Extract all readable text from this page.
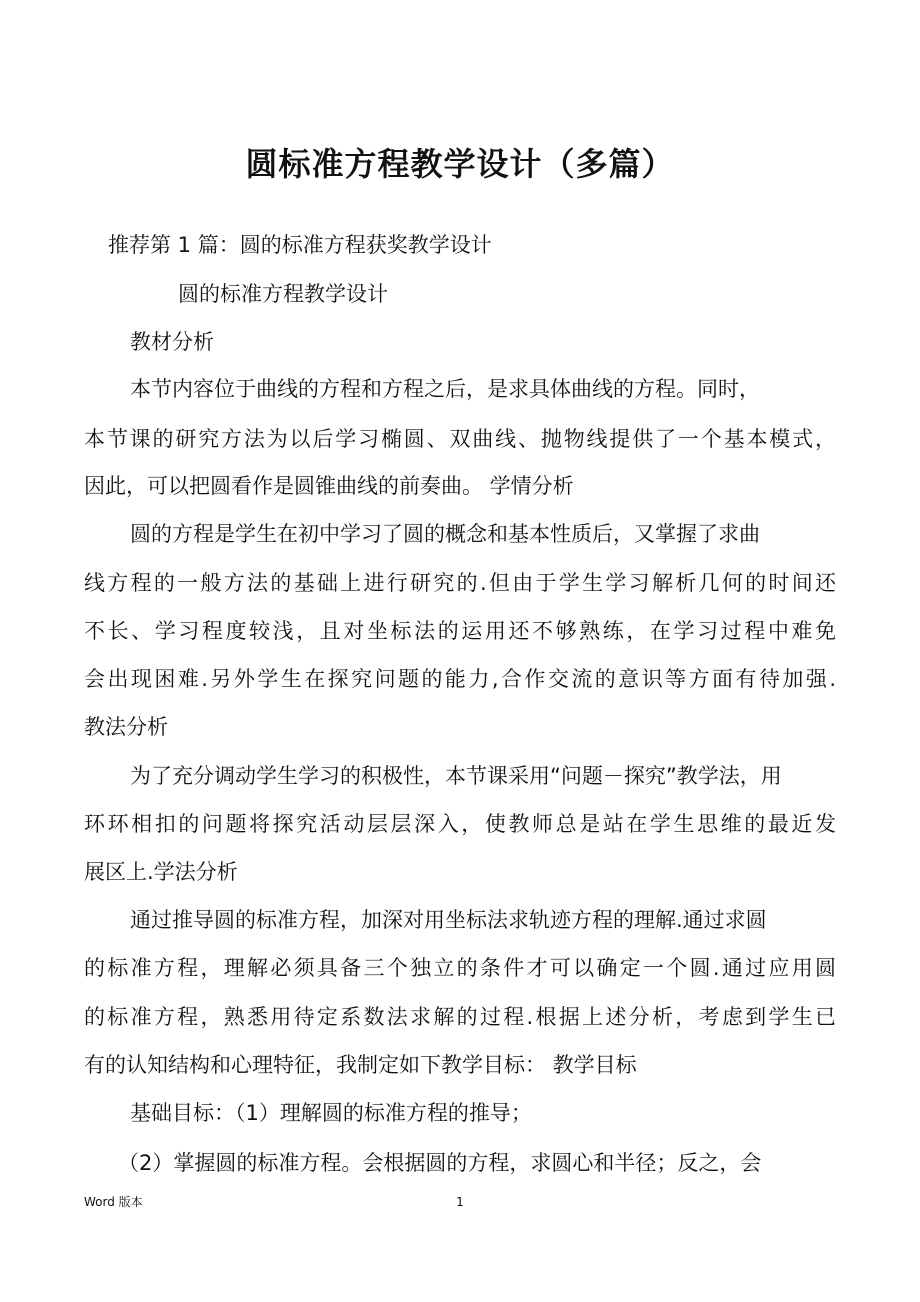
圆标准方程教学设计（多篇）
推荐第 1 篇：圆的标准方程获奖教学设计
圆的标准方程教学设计
教材分析
本节内容位于曲线的方程和方程之后，是求具体曲线的方程。同时，
本节课的研究方法为以后学习椭圆、双曲线、抛物线提供了一个基本模式，
因此，可以把圆看作是圆锥曲线的前奏曲。 学情分析
圆的方程是学生在初中学习了圆的概念和基本性质后，又掌握了求曲
线方程的一般方法的基础上进行研究的.但由于学生学习解析几何的时间还
不长、学习程度较浅，且对坐标法的运用还不够熟练，在学习过程中难免
会出现困难.另外学生在探究问题的能力,合作交流的意识等方面有待加强.
教法分析
为了充分调动学生学习的积极性，本节课采用“问题－探究”教学法，用
环环相扣的问题将探究活动层层深入，使教师总是站在学生思维的最近发
展区上.学法分析
通过推导圆的标准方程，加深对用坐标法求轨迹方程的理解.通过求圆
的标准方程，理解必须具备三个独立的条件才可以确定一个圆.通过应用圆
的标准方程，熟悉用待定系数法求解的过程.根据上述分析，考虑到学生已
有的认知结构和心理特征，我制定如下教学目标： 教学目标
基础目标：（1）理解圆的标准方程的推导；
（2）掌握圆的标准方程。会根据圆的方程，求圆心和半径；反之，会
Word 版本	1
